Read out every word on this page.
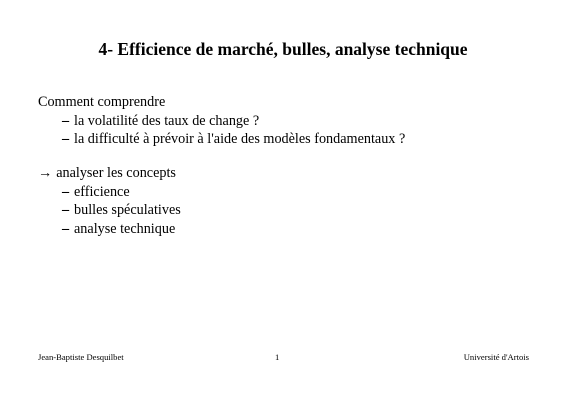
4- Efficience de marché, bulles, analyse technique
Comment comprendre
– la volatilité des taux de change ?
– la difficulté à prévoir à l'aide des modèles fondamentaux ?
→ analyser les concepts
– efficience
– bulles spéculatives
– analyse technique
Jean-Baptiste Desquilbet	1	Université d'Artois
